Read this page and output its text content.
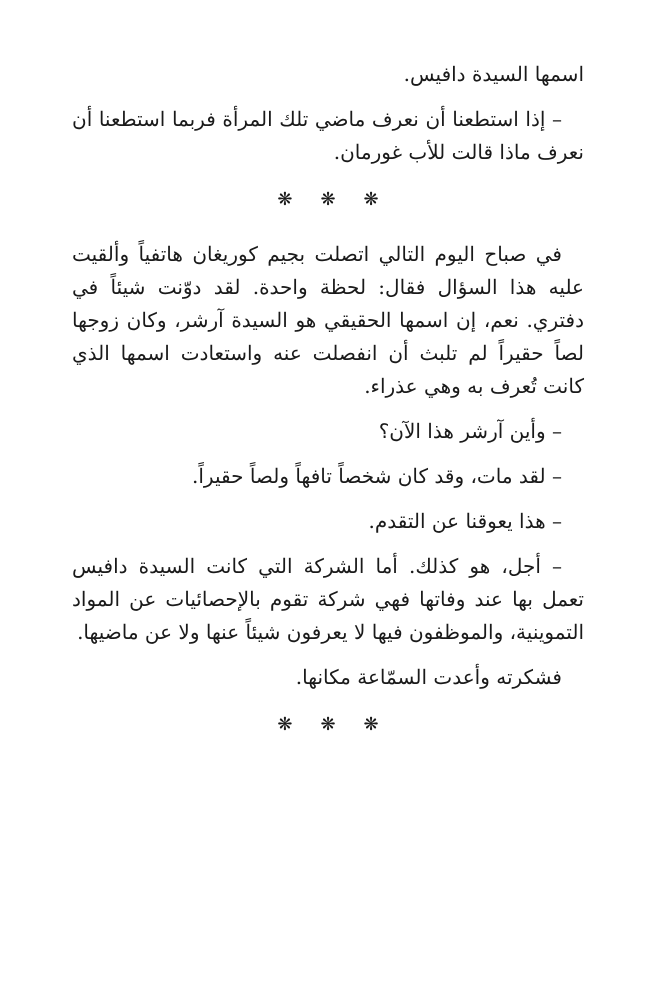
اسمها السيدة دافيس.

– إذا استطعنا أن نعرف ماضي تلك المرأة فربما استطعنا أن نعرف ماذا قالت للأب غورمان.

❋❋❋

في صباح اليوم التالي اتصلت بجيم كوريغان هاتفياً وألقيت عليه هذا السؤال فقال: لحظة واحدة. لقد دوّنت شيئاً في دفتري. نعم، إن اسمها الحقيقي هو السيدة آرشر، وكان زوجها لصاً حقيراً لم تلبث أن انفصلت عنه واستعادت اسمها الذي كانت تُعرف به وهي عذراء.

– وأين آرشر هذا الآن؟

– لقد مات، وقد كان شخصاً تافهاً ولصاً حقيراً.

– هذا يعوقنا عن التقدم.

– أجل، هو كذلك. أما الشركة التي كانت السيدة دافيس تعمل بها عند وفاتها فهي شركة تقوم بالإحصائيات عن المواد التموينية، والموظفون فيها لا يعرفون شيئاً عنها ولا عن ماضيها.

فشكرته وأعدت السمّاعة مكانها.

❋❋❋
